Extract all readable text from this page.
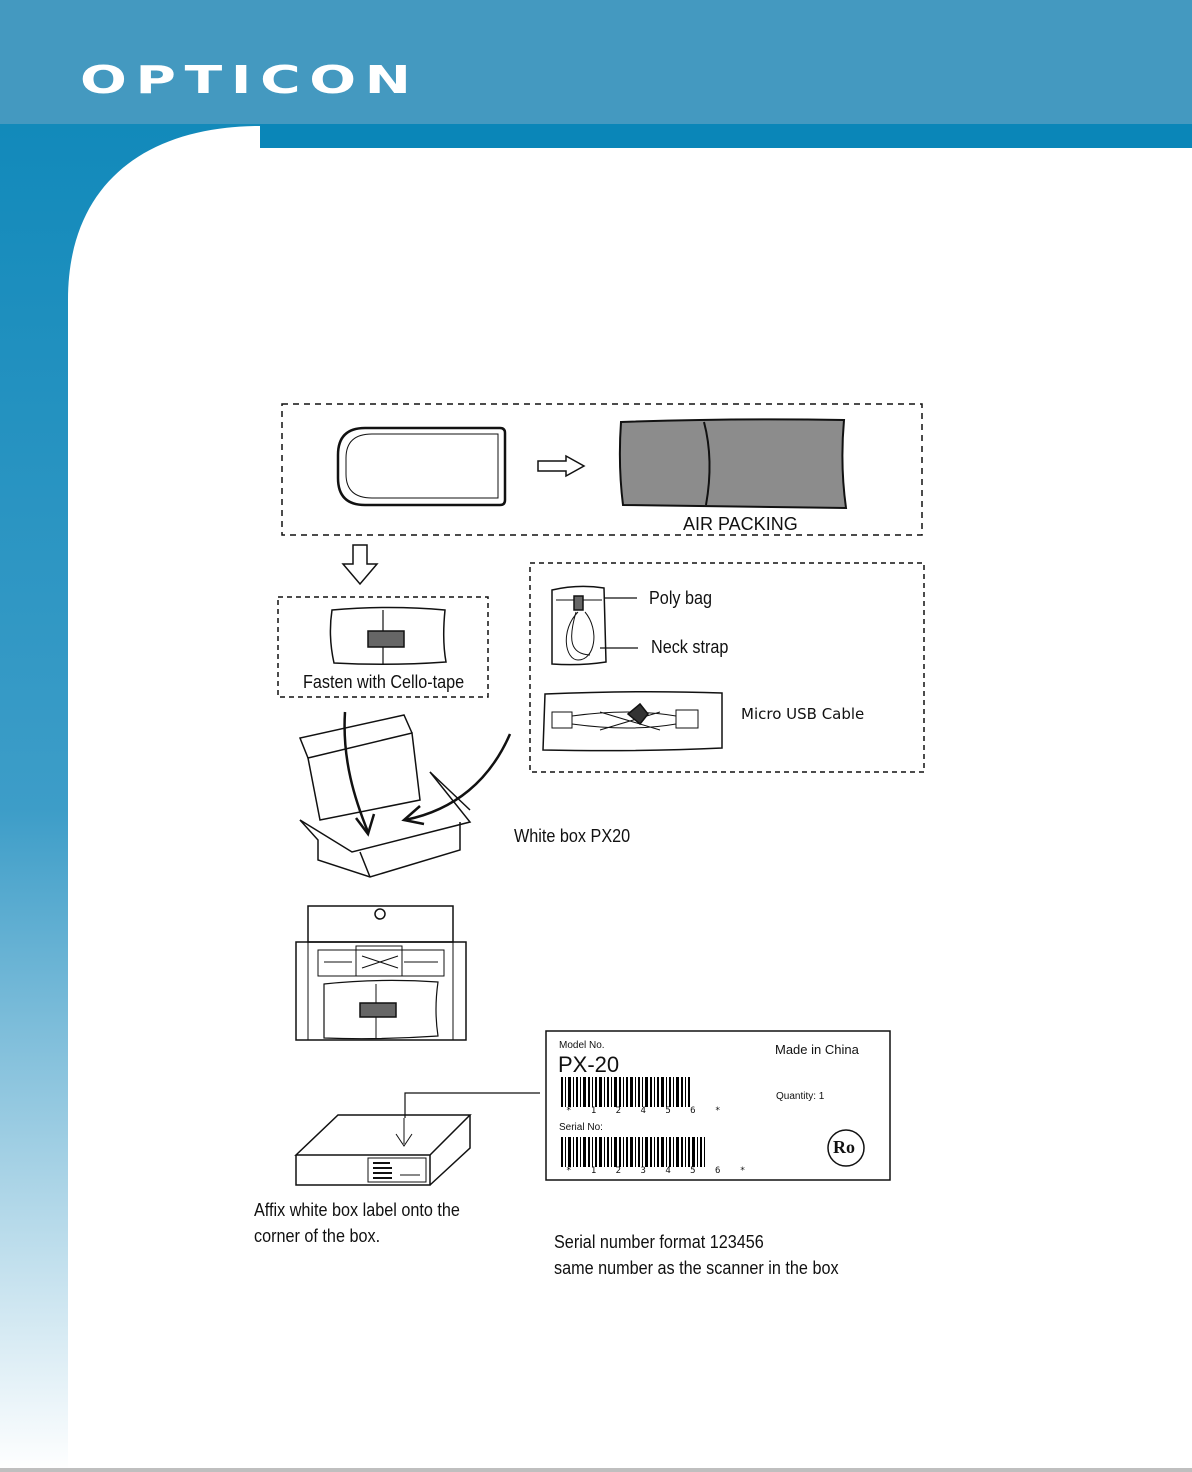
OPTICON
AIR PACKING
Fasten with Cello-tape
Poly bag
Neck strap
Micro USB Cable
White box PX20
Affix white box label onto the
corner of the box.	Serial number format 123456
same number as the scanner in the box
Model No.
PX-20
Made in China
Quantity: 1
* 1 2 4 5 6 *
Serial No:
* 1 2 3 4 5 6 *
Ro
